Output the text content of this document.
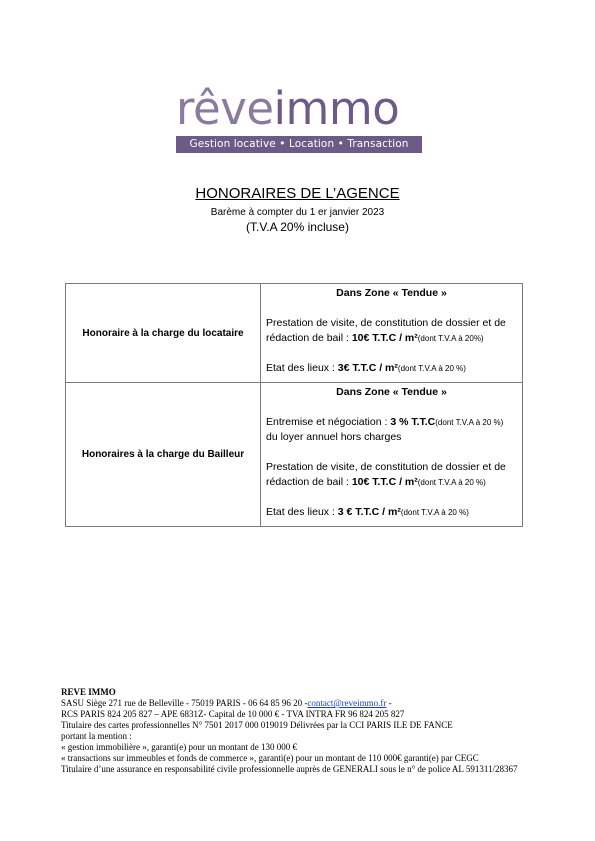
rêveimmo
Gestion locative • Location • Transaction
HONORAIRES DE L’AGENCE
Barème à compter du 1 er janvier 2023
(T.V.A 20% incluse)
Honoraire à la charge du locataire	Dans Zone « Tendue »
Prestation de visite, de constitution de dossier et de rédaction de bail : 10€ T.T.C / m²(dont T.V.A à 20%)
Etat des lieux : 3€ T.T.C / m²(dont T.V.A à 20 %)

Honoraires à la charge du Bailleur	Dans Zone « Tendue »
Entremise et négociation : 3 % T.T.C(dont T.V.A à 20 %) du loyer annuel hors charges
Prestation de visite, de constitution de dossier et de rédaction de bail : 10€ T.T.C / m²(dont T.V.A à 20 %)
Etat des lieux : 3 € T.T.C / m²(dont T.V.A à 20 %)
REVE IMMO
SASU Siège 271 rue de Belleville - 75019 PARIS - 06 64 85 96 20 -contact@reveimmo.fr -
RCS PARIS 824 205 827 – APE 6831Z- Capital de 10 000 € - TVA INTRA FR 96 824 205 827
Titulaire des cartes professionnelles N° 7501 2017 000 019019 Délivrées par la CCI PARIS ILE DE FANCE
portant la mention :
« gestion immobilière », garanti(e) pour un montant de 130 000 €
« transactions sur immeubles et fonds de commerce », garanti(e) pour un montant de 110 000€ garanti(e) par CEGC
Titulaire d’une assurance en responsabilité civile professionnelle auprès de GENERALI sous le n° de police AL 591311/28367
